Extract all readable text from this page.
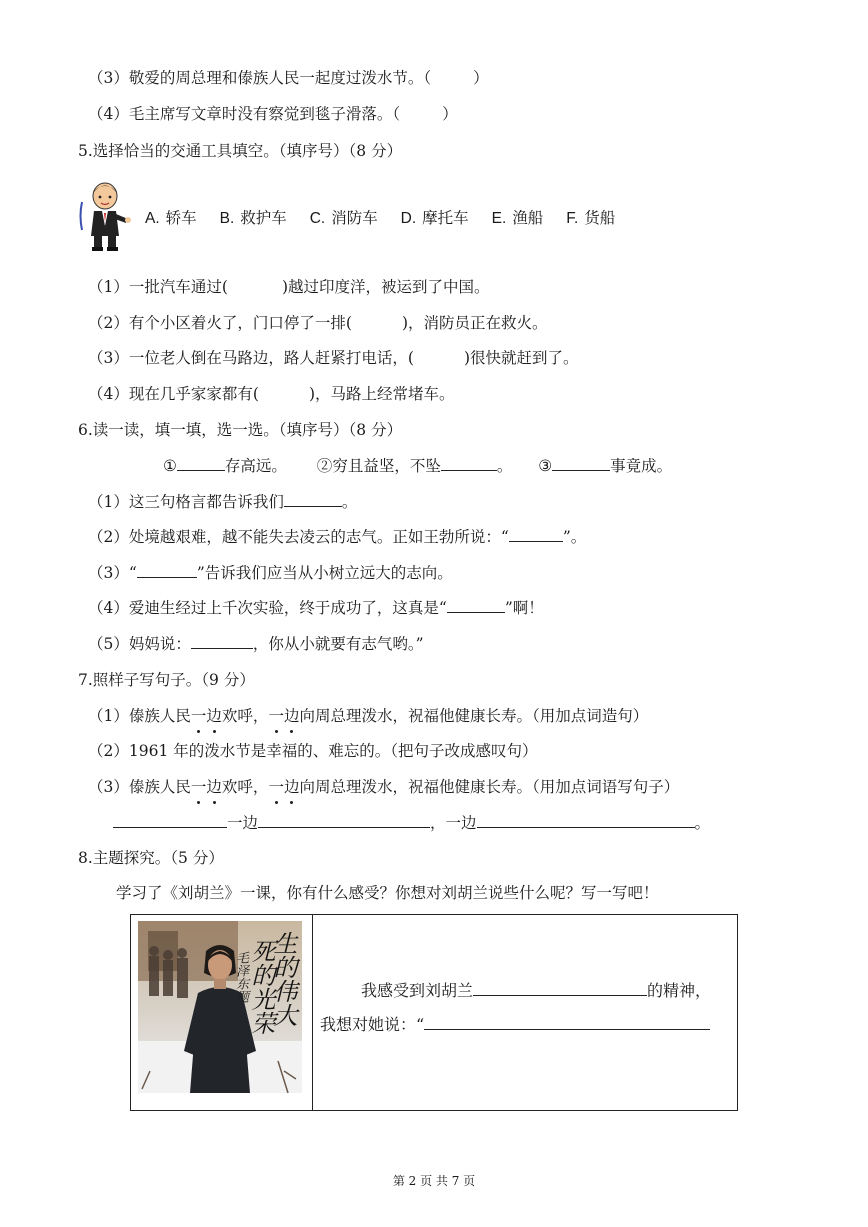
（3）敬爱的周总理和傣族人民一起度过泼水节。（	）
（4）毛主席写文章时没有察觉到毯子滑落。（	）
5.选择恰当的交通工具填空。（填序号）（8 分）
A. 轿车 B. 救护车 C. 消防车 D. 摩托车 E. 渔船 F. 货船
（1）一批汽车通过(	)越过印度洋，被运到了中国。
（2）有个小区着火了，门口停了一排(	)，消防员正在救火。
（3）一位老人倒在马路边，路人赶紧打电话，(	)很快就赶到了。
（4）现在几乎家家都有(	)，马路上经常堵车。
6.读一读，填一填，选一选。（填序号）（8 分）
①	存高远。 ②穷且益坚，不坠	。 ③	事竟成。
（1）这三句格言都告诉我们	。
（2）处境越艰难，越不能失去凌云的志气。正如王勃所说：“	”。
（3）“	”告诉我们应当从小树立远大的志向。
（4）爱迪生经过上千次实验，终于成功了，这真是“	”啊！
（5）妈妈说：	，你从小就要有志气哟。”
7.照样子写句子。（9 分）
（1）傣族人民一边欢呼，一边向周总理泼水，祝福他健康长寿。（用加点词造句）
（2）1961 年的泼水节是幸福的、难忘的。（把句子改成感叹句）
（3）傣族人民一边欢呼，一边向周总理泼水，祝福他健康长寿。（用加点词语写句子）
一边	，一边	。
8.主题探究。（5 分）
学习了《刘胡兰》一课，你有什么感受？你想对刘胡兰说些什么呢？写一写吧！

生的伟大
死的光荣
毛泽东题	我感受到刘胡兰	的精神，
我想对她说：“
第 2 页 共 7 页
